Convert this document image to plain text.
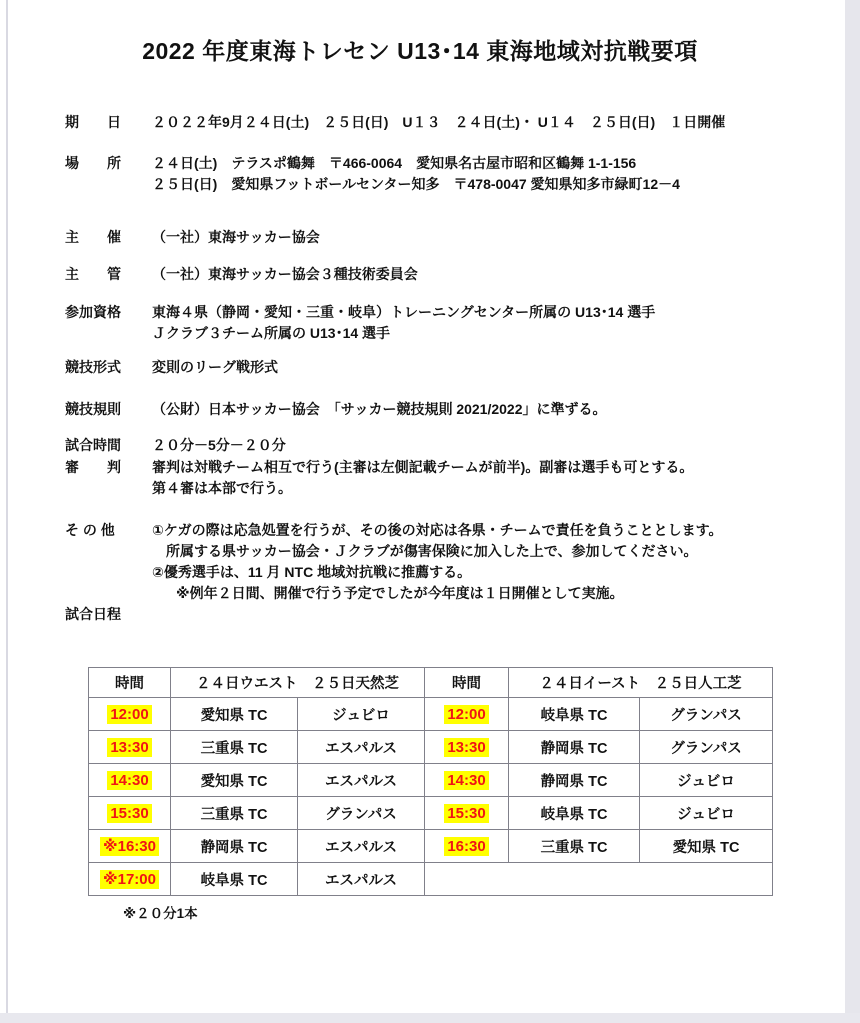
2022 年度東海トレセン U13･14 東海地域対抗戦要項
期　　日	２０２２年9月２４日(土)　２５日(日)　U１３　２４日(土)・ U１４　２５日(日)　１日開催
場　　所	２４日(土)　テラスポ鶴舞　〒466-0064　愛知県名古屋市昭和区鶴舞 1-1-156
２５日(日)　愛知県フットボールセンター知多　〒478-0047 愛知県知多市緑町12－4
主　　催	（一社）東海サッカー協会
主　　管	（一社）東海サッカー協会３種技術委員会
参加資格	東海４県（静岡・愛知・三重・岐阜）トレーニングセンター所属の U13･14 選手
Ｊクラブ３チーム所属の U13･14 選手
競技形式	変則のリーグ戦形式
競技規則	（公財）日本サッカー協会　「サッカー競技規則 2021/2022」に準ずる。
試合時間	２０分－5分－２０分
審　　判	審判は対戦チーム相互で行う(主審は左側記載チームが前半)。副審は選手も可とする。
第４審は本部で行う。
そ の 他	①ケガの際は応急処置を行うが、その後の対応は各県・チームで責任を負うこととします。
所属する県サッカー協会・Ｊクラブが傷害保険に加入した上で、参加してください。
②優秀選手は、11 月 NTC 地域対抗戦に推薦する。
※例年２日間、開催で行う予定でしたが今年度は１日開催として実施。
試合日程
時間	２４日ウエスト　２５日天然芝		時間	２４日イースト　２５日人工芝	
12:00	愛知県 TC	ジュビロ	12:00	岐阜県 TC	グランパス
13:30	三重県 TC	エスパルス	13:30	静岡県 TC	グランパス
14:30	愛知県 TC	エスパルス	14:30	静岡県 TC	ジュビロ
15:30	三重県 TC	グランパス	15:30	岐阜県 TC	ジュビロ
※16:30	静岡県 TC	エスパルス	16:30	三重県 TC	愛知県 TC
※17:00	岐阜県 TC	エスパルス			
※２０分1本
